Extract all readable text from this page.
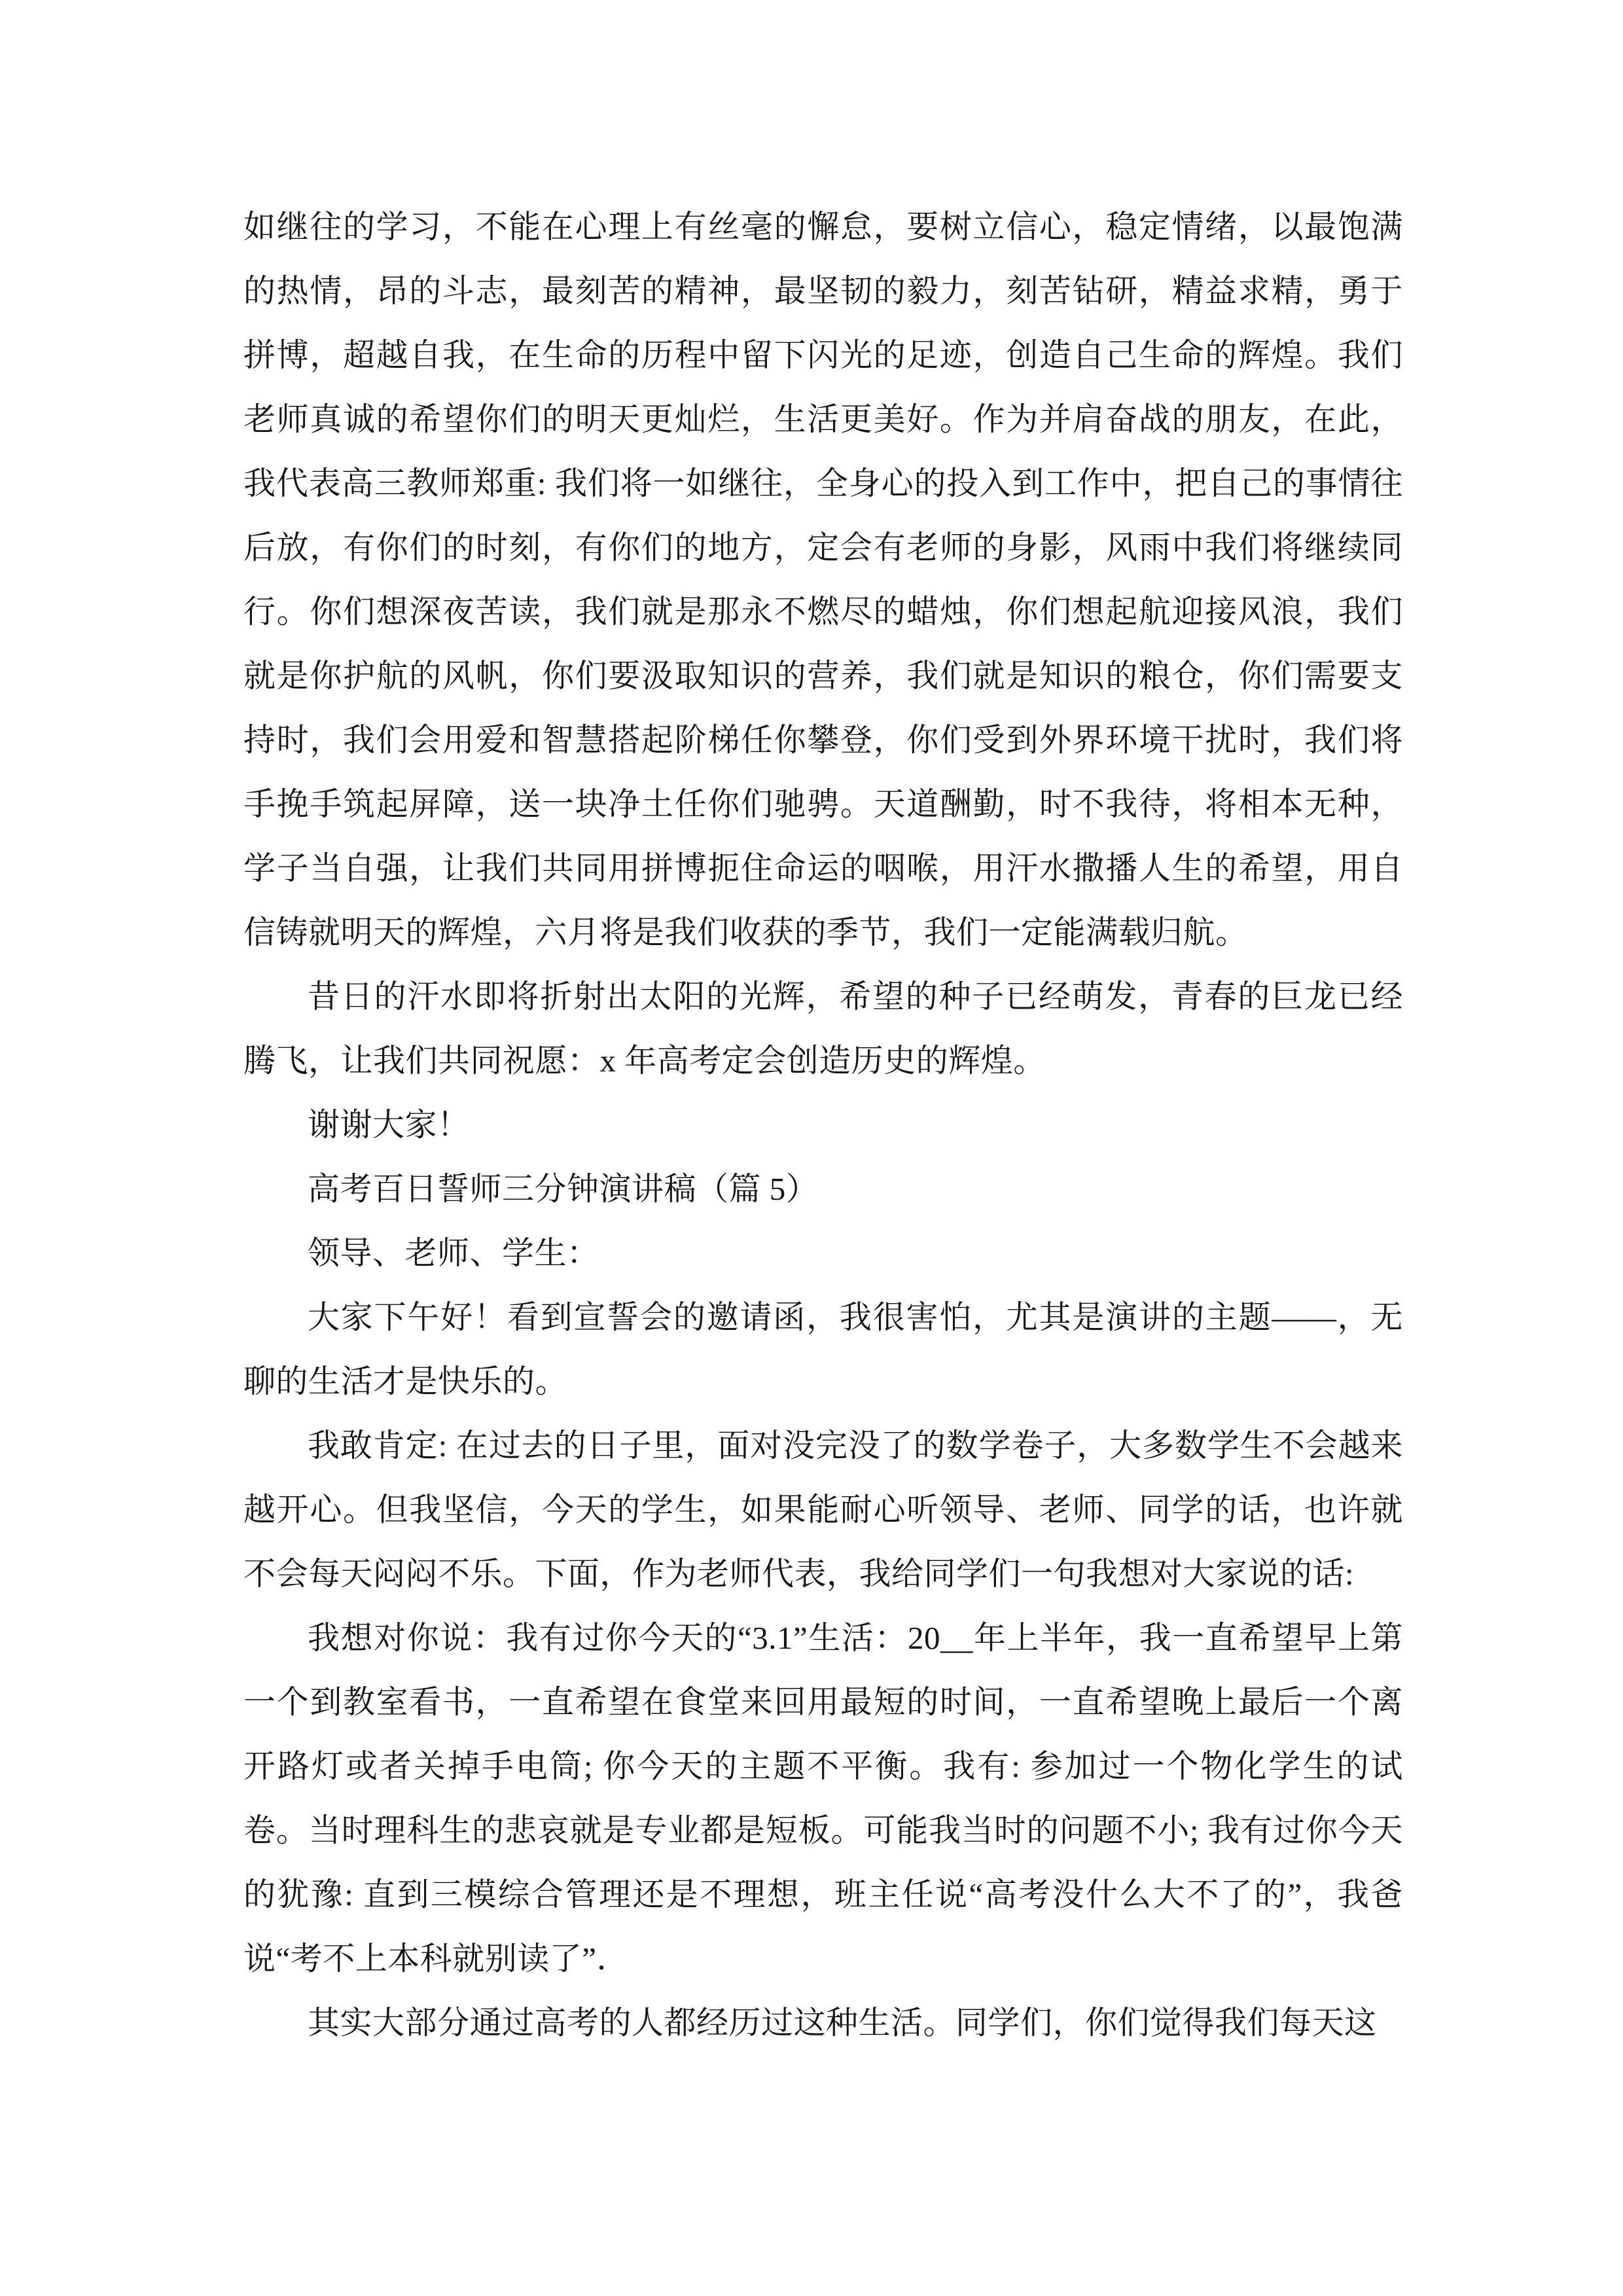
如继往的学习，不能在心理上有丝毫的懈怠，要树立信心，稳定情绪，以最饱满的热情，昂的斗志，最刻苦的精神，最坚韧的毅力，刻苦钻研，精益求精，勇于拼博，超越自我，在生命的历程中留下闪光的足迹，创造自己生命的辉煌。我们老师真诚的希望你们的明天更灿烂，生活更美好。作为并肩奋战的朋友，在此，我代表高三教师郑重: 我们将一如继往，全身心的投入到工作中，把自己的事情往后放，有你们的时刻，有你们的地方，定会有老师的身影，风雨中我们将继续同行。你们想深夜苦读，我们就是那永不燃尽的蜡烛，你们想起航迎接风浪，我们就是你护航的风帆，你们要汲取知识的营养，我们就是知识的粮仓，你们需要支持时，我们会用爱和智慧搭起阶梯任你攀登，你们受到外界环境干扰时，我们将手挽手筑起屏障，送一块净土任你们驰骋。天道酬勤，时不我待，将相本无种，学子当自强，让我们共同用拼博扼住命运的咽喉，用汗水撒播人生的希望，用自信铸就明天的辉煌，六月将是我们收获的季节，我们一定能满载归航。

昔日的汗水即将折射出太阳的光辉，希望的种子已经萌发，青春的巨龙已经腾飞，让我们共同祝愿：x 年高考定会创造历史的辉煌。

谢谢大家！

高考百日誓师三分钟演讲稿（篇 5）

领导、老师、学生：

大家下午好！看到宣誓会的邀请函，我很害怕，尤其是演讲的主题——，无聊的生活才是快乐的。

我敢肯定: 在过去的日子里，面对没完没了的数学卷子，大多数学生不会越来越开心。但我坚信，今天的学生，如果能耐心听领导、老师、同学的话，也许就不会每天闷闷不乐。下面，作为老师代表，我给同学们一句我想对大家说的话:

我想对你说：我有过你今天的“3.1”生活：20__年上半年，我一直希望早上第一个到教室看书，一直希望在食堂来回用最短的时间，一直希望晚上最后一个离开路灯或者关掉手电筒; 你今天的主题不平衡。我有: 参加过一个物化学生的试卷。当时理科生的悲哀就是专业都是短板。可能我当时的问题不小; 我有过你今天的犹豫: 直到三模综合管理还是不理想，班主任说“高考没什么大不了的”，我爸说“考不上本科就别读了”．

其实大部分通过高考的人都经历过这种生活。同学们，你们觉得我们每天这
